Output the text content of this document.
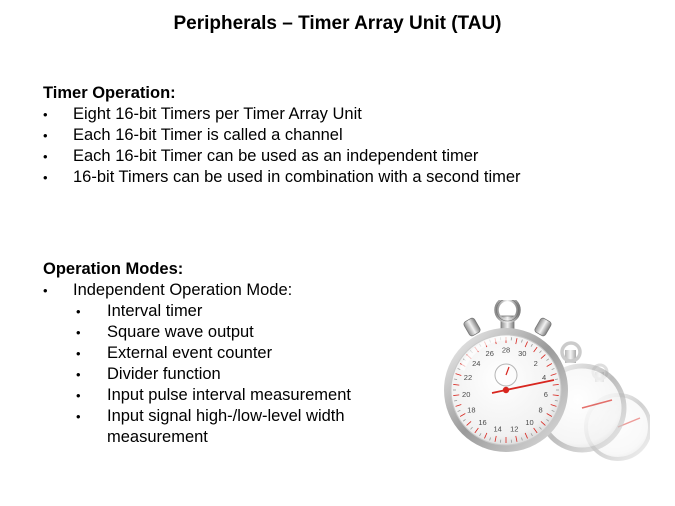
Peripherals – Timer Array Unit (TAU)
Timer Operation:
• Eight 16-bit Timers per Timer Array Unit
• Each 16-bit Timer is called a channel
• Each 16-bit Timer can be used as an independent timer
• 16-bit Timers can be used in combination with a second timer
Operation Modes:
• Independent Operation Mode:
• Interval timer
• Square wave output
• External event counter
• Divider function
• Input pulse interval measurement
• Input signal high-/low-level width measurement
28 30
2
4
6
8
10
12
14
16
18
20
22
24
26
